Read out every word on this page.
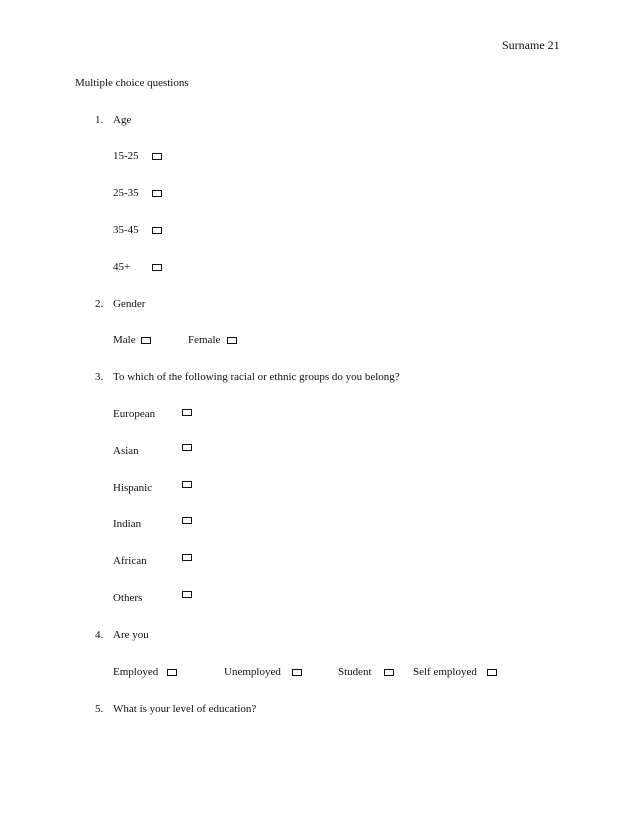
Surname 21
Multiple choice questions
1. Age
15-25
25-35
35-45
45+
2. Gender
Male	Female
3. To which of the following racial or ethnic groups do you belong?
European
Asian
Hispanic
Indian
African
Others
4. Are you
Employed	Unemployed	Student	Self employed
5. What is your level of education?
